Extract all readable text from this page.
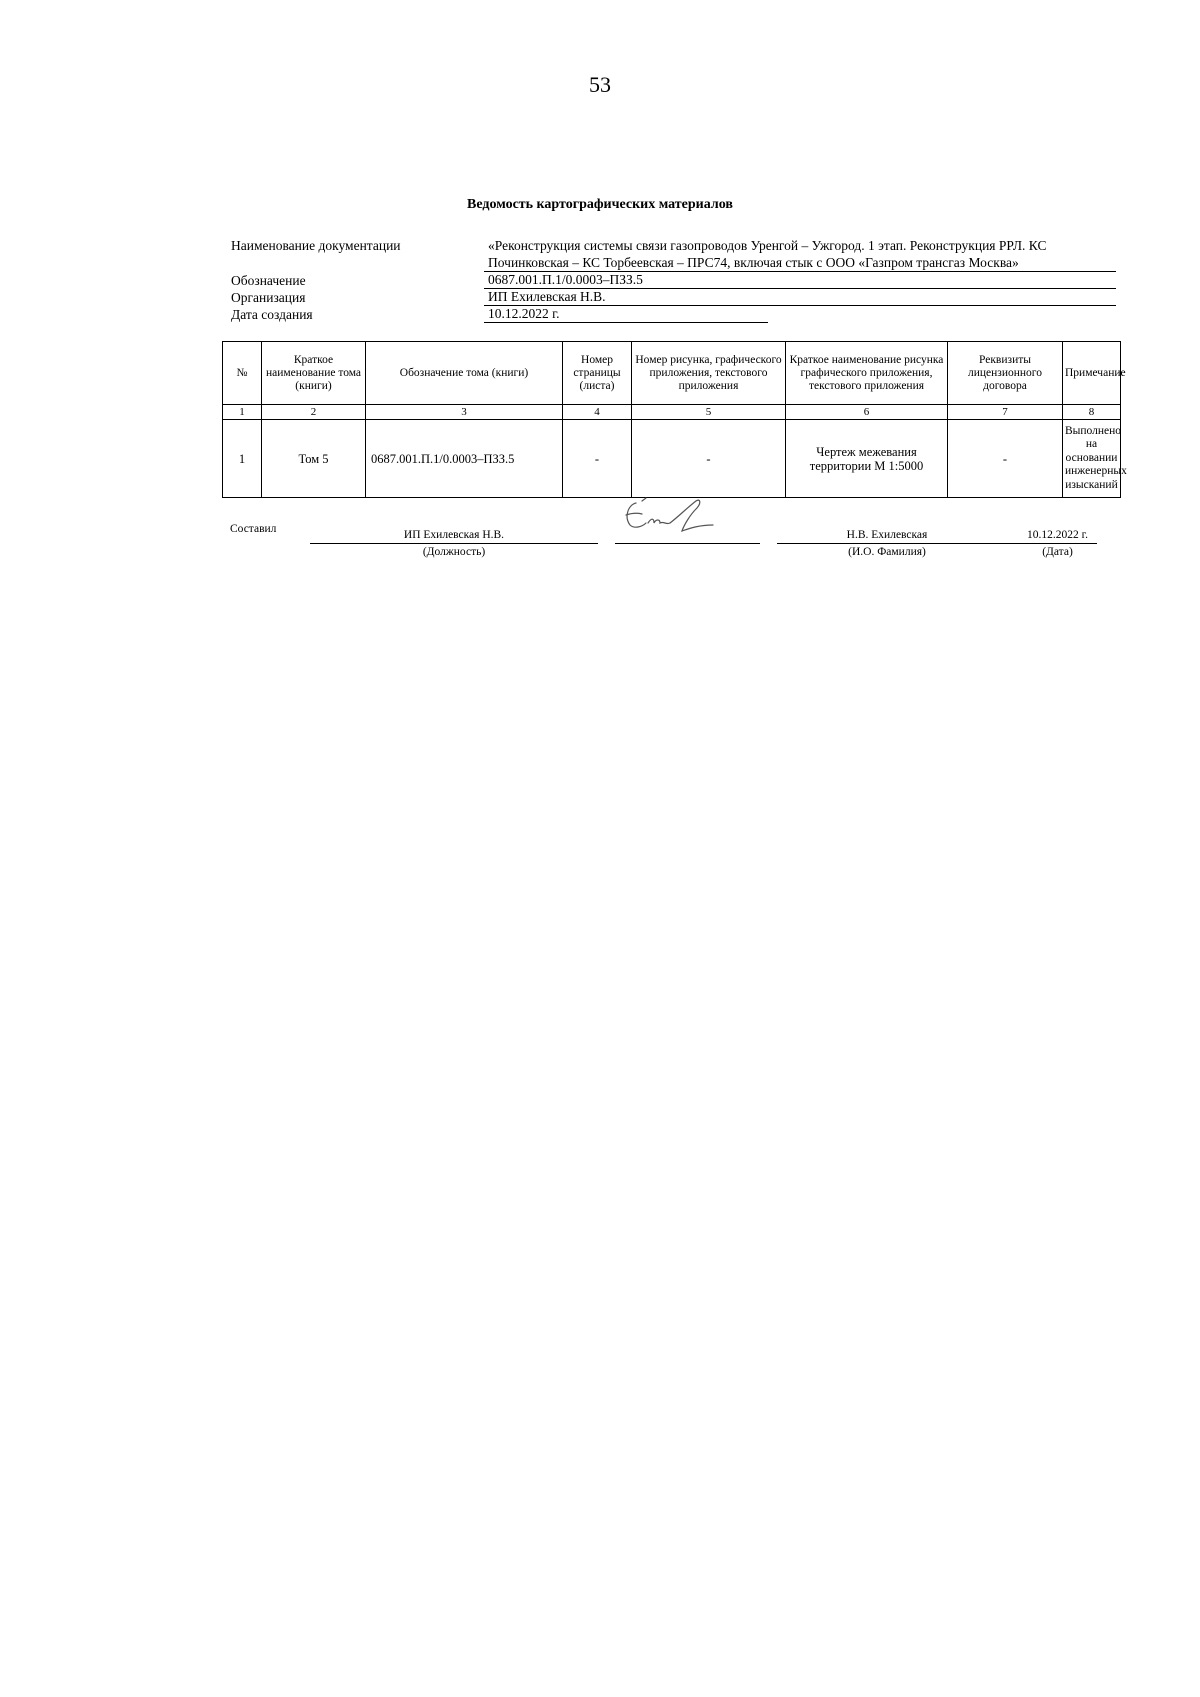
53
Ведомость картографических материалов
Наименование документации	«Реконструкция системы связи газопроводов Уренгой – Ужгород. 1 этап. Реконструкция РРЛ. КС
Починковская – КС Торбеевская – ПРС74, включая стык с ООО «Газпром трансгаз Москва»
Обозначение	0687.001.П.1/0.0003–ПЗЗ.5
Организация	ИП Ехилевская Н.В.
Дата создания	10.12.2022 г.
№	Краткое наименование тома (книги)	Обозначение тома (книги)	Номер страницы (листа)	Номер рисунка, графического приложения, текстового приложения	Краткое наименование рисунка графического приложения, текстового приложения	Реквизиты лицензионного договора	Примечание
1	2	3	4	5	6	7	8
1	Том 5	0687.001.П.1/0.0003–ПЗЗ.5	-	-	Чертеж межевания территории М 1:5000	-	Выполнено на основании инженерных изысканий
Составил	ИП Ехилевская Н.В.
(Должность)
Н.В. Ехилевская
(И.О. Фамилия)
10.12.2022 г.
(Дата)
